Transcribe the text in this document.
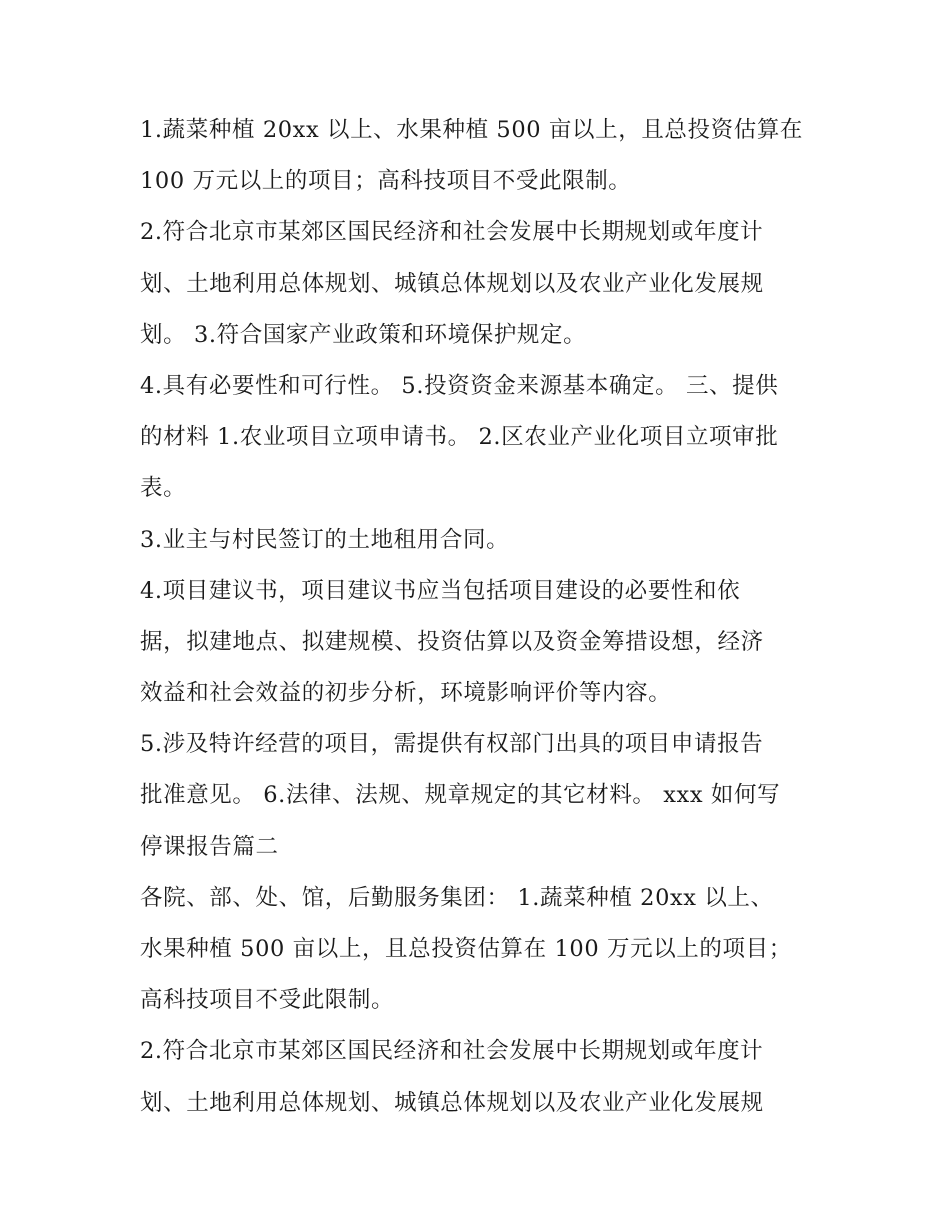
1.蔬菜种植 20xx 以上、水果种植 500 亩以上，且总投资估算在
100 万元以上的项目；高科技项目不受此限制。
2.符合北京市某郊区国民经济和社会发展中长期规划或年度计
划、土地利用总体规划、城镇总体规划以及农业产业化发展规
划。 3.符合国家产业政策和环境保护规定。
4.具有必要性和可行性。 5.投资资金来源基本确定。 三、提供
的材料 1.农业项目立项申请书。 2.区农业产业化项目立项审批
表。
3.业主与村民签订的土地租用合同。
4.项目建议书，项目建议书应当包括项目建设的必要性和依
据，拟建地点、拟建规模、投资估算以及资金筹措设想，经济
效益和社会效益的初步分析，环境影响评价等内容。
5.涉及特许经营的项目，需提供有权部门出具的项目申请报告
批准意见。 6.法律、法规、规章规定的其它材料。 xxx 如何写
停课报告篇二
各院、部、处、馆，后勤服务集团： 1.蔬菜种植 20xx 以上、
水果种植 500 亩以上，且总投资估算在 100 万元以上的项目；
高科技项目不受此限制。
2.符合北京市某郊区国民经济和社会发展中长期规划或年度计
划、土地利用总体规划、城镇总体规划以及农业产业化发展规
